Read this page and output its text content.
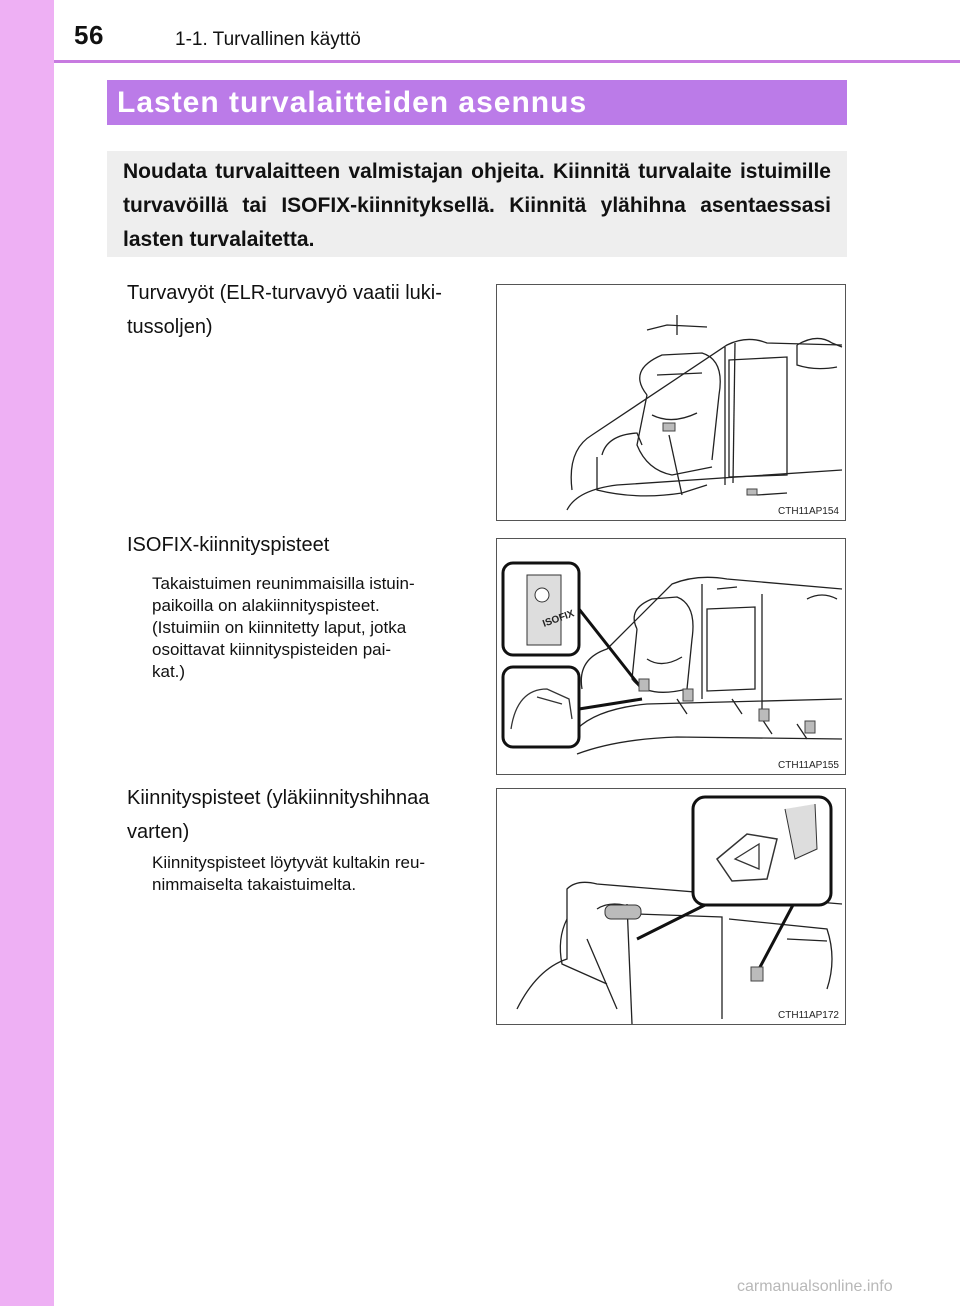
56	1-1. Turvallinen käyttö
Lasten turvalaitteiden asennus
Noudata turvalaitteen valmistajan ohjeita. Kiinnitä turvalaite istuimille turvavöillä tai ISOFIX-kiinnityksellä. Kiinnitä ylähihna asentaessasi lasten turvalaitetta.
Turvavyöt (ELR-turvavyö vaatii luki-
tussoljen)
CTH11AP154
ISOFIX-kiinnityspisteet
Takaistuimen reunimmaisilla istuin-
paikoilla on alakiinnityspisteet.
(Istuimiin on kiinnitetty laput, jotka
osoittavat kiinnityspisteiden pai-
kat.)
ISOFIX
CTH11AP155
Kiinnityspisteet (yläkiinnityshihnaa
varten)
Kiinnityspisteet löytyvät kultakin reu-
nimmaiselta takaistuimelta.
CTH11AP172
carmanualsonline.info
